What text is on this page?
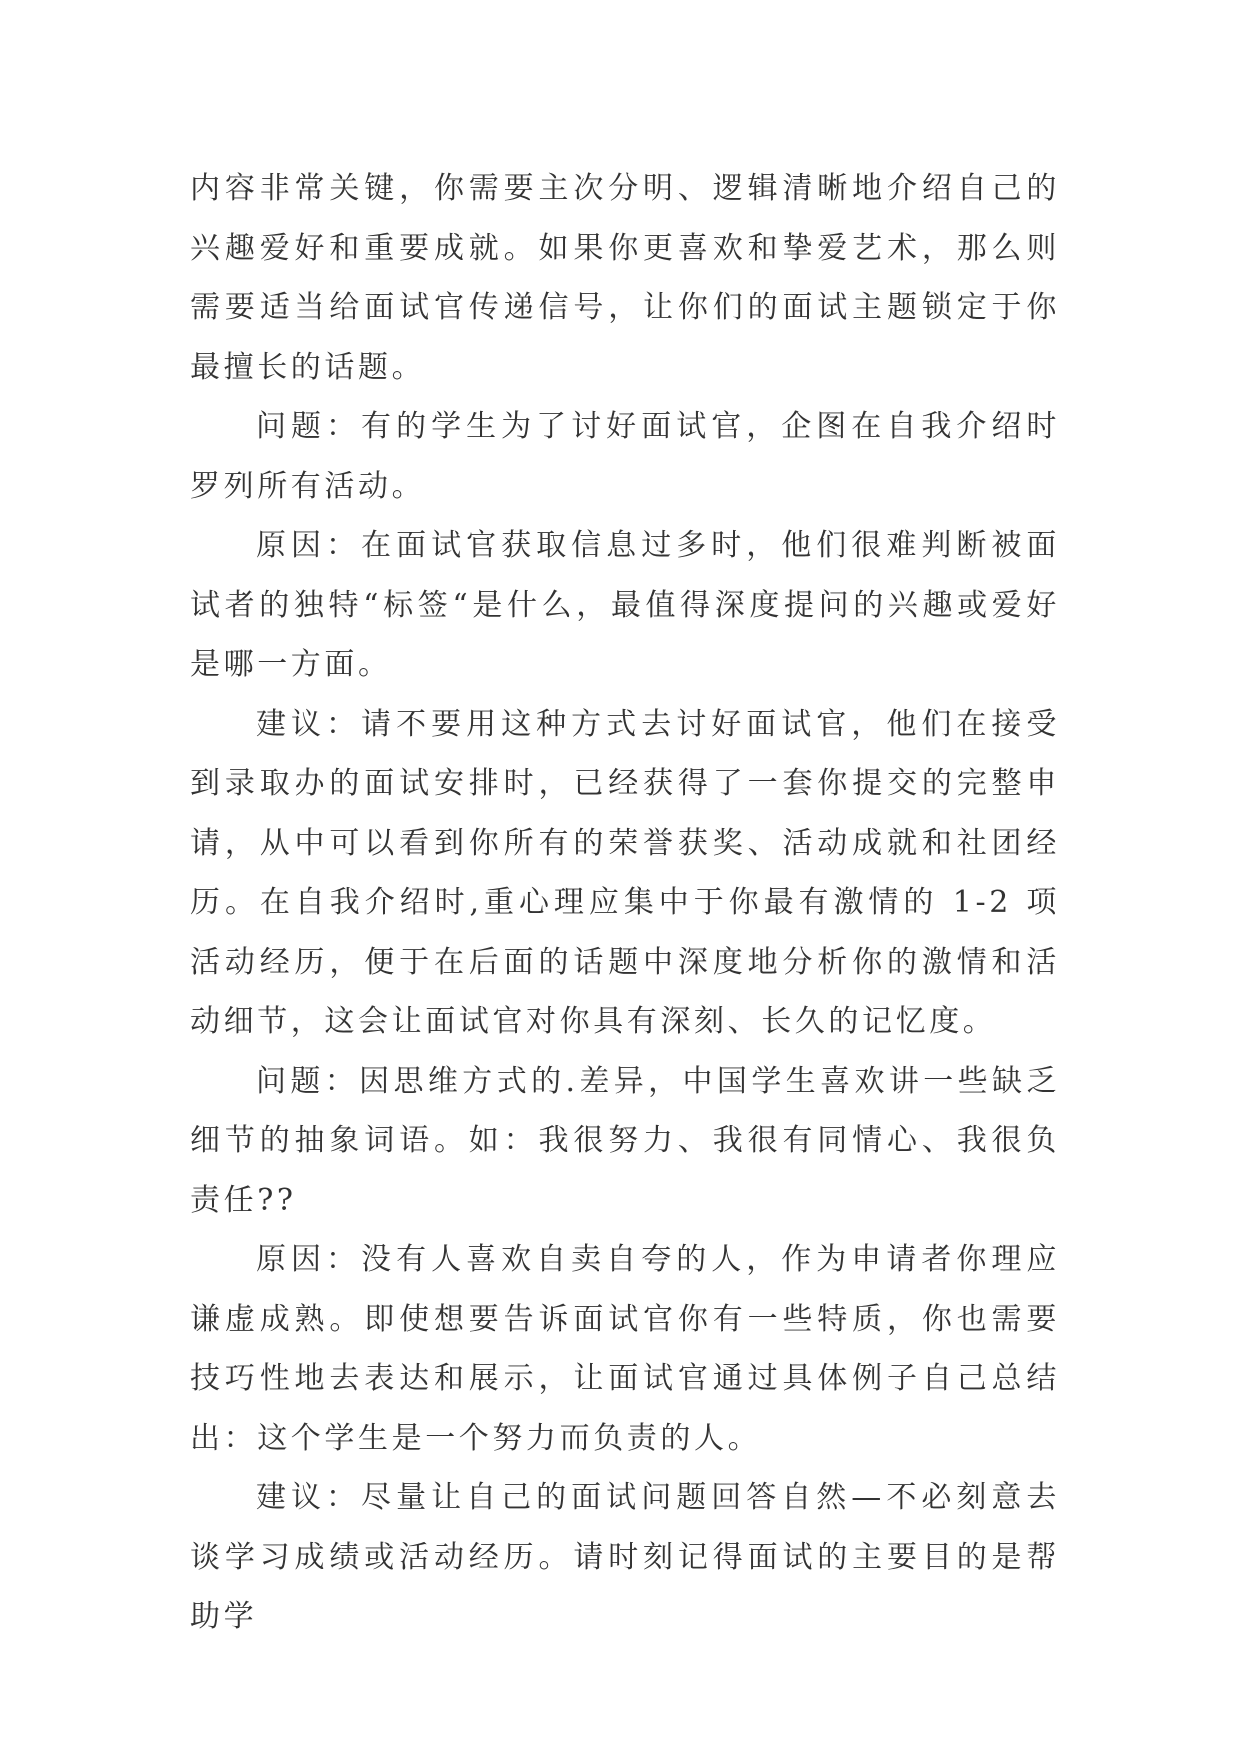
内容非常关键，你需要主次分明、逻辑清晰地介绍自己的兴趣爱好和重要成就。如果你更喜欢和挚爱艺术，那么则需要适当给面试官传递信号，让你们的面试主题锁定于你最擅长的话题。

问题：有的学生为了讨好面试官，企图在自我介绍时罗列所有活动。

原因：在面试官获取信息过多时，他们很难判断被面试者的独特“标签“是什么，最值得深度提问的兴趣或爱好是哪一方面。

建议：请不要用这种方式去讨好面试官，他们在接受到录取办的面试安排时，已经获得了一套你提交的完整申请，从中可以看到你所有的荣誉获奖、活动成就和社团经历。在自我介绍时,重心理应集中于你最有激情的 1-2 项活动经历，便于在后面的话题中深度地分析你的激情和活动细节，这会让面试官对你具有深刻、长久的记忆度。

问题：因思维方式的.差异，中国学生喜欢讲一些缺乏细节的抽象词语。如：我很努力、我很有同情心、我很负责任??

原因：没有人喜欢自卖自夸的人，作为申请者你理应谦虚成熟。即使想要告诉面试官你有一些特质，你也需要技巧性地去表达和展示，让面试官通过具体例子自己总结出：这个学生是一个努力而负责的人。

建议：尽量让自己的面试问题回答自然—不必刻意去谈学习成绩或活动经历。请时刻记得面试的主要目的是帮助学
